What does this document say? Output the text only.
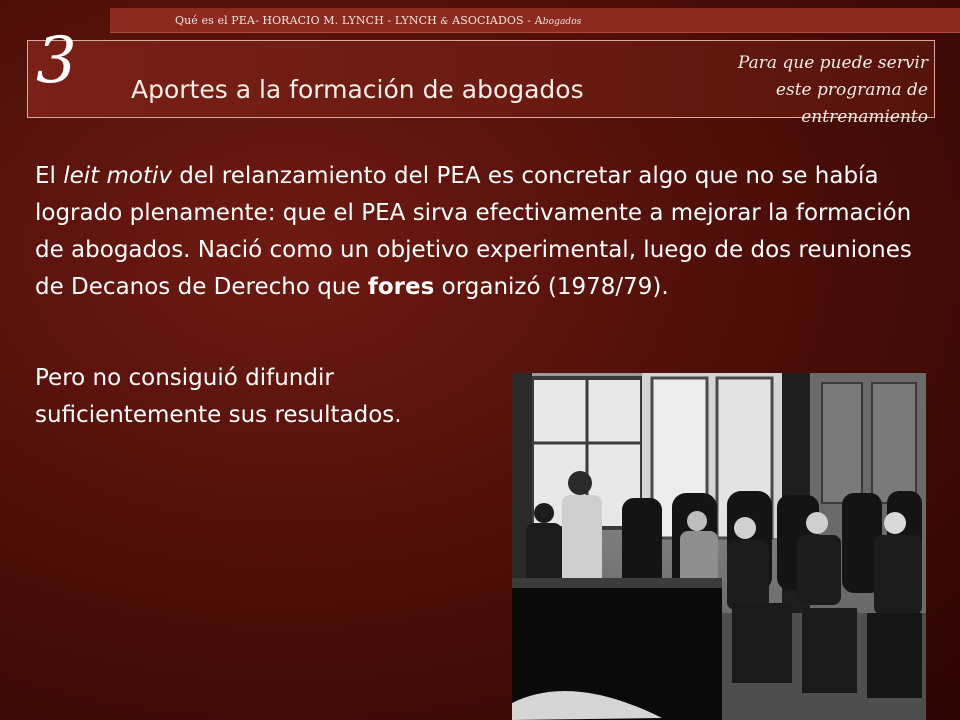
Qué es el PEA- HORACIO M. LYNCH - LYNCH & ASOCIADOS - Abogados
3 Aportes a la formación de abogados
Para que puede servir
este programa de
entrenamiento
El leit motiv del relanzamiento del PEA es concretar algo que no se había logrado plenamente: que el PEA sirva efectivamente a mejorar la formación de abogados. Nació como un objetivo experimental, luego de dos reuniones de Decanos de Derecho que fores organizó (1978/79).
Pero no consiguió difundir suficientemente sus resultados.
